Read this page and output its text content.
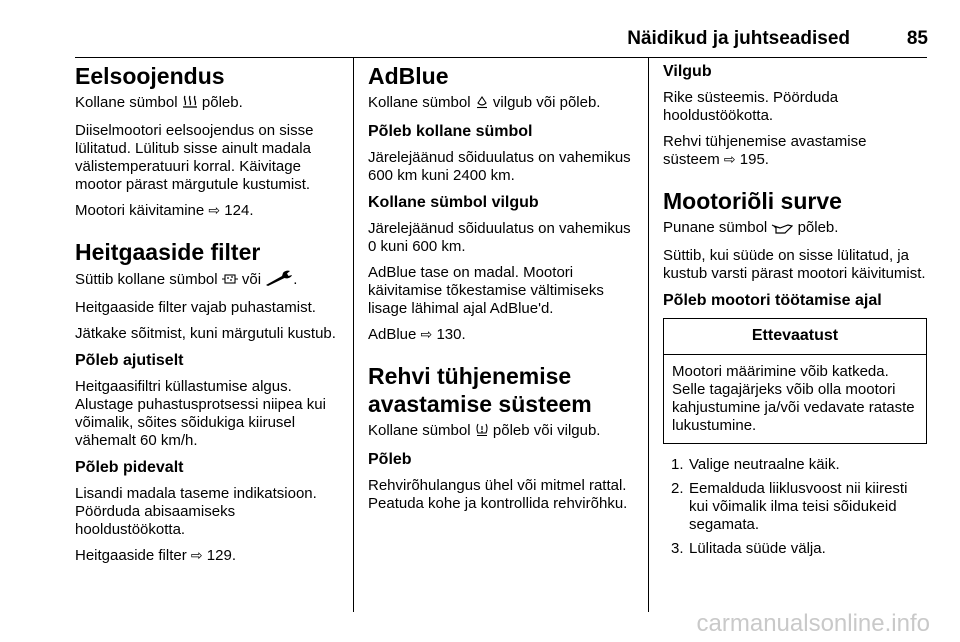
Näidikud ja juhtseadised	85
Eelsoojendus
Kollane sümbol  põleb.
Diiselmootori eelsoojendus on sisse lülitatud. Lülitub sisse ainult madala välistemperatuuri korral. Käivitage mootor pärast märgutule kustumist.
Mootori käivitamine ⇨ 124.
Heitgaaside filter
Süttib kollane sümbol  või .
Heitgaaside filter vajab puhastamist.
Jätkake sõitmist, kuni märgutuli kustub.
Põleb ajutiselt
Heitgaasifiltri küllastumise algus. Alustage puhastusprotsessi niipea kui võimalik, sõites sõidukiga kiirusel vähemalt 60 km/h.
Põleb pidevalt
Lisandi madala taseme indikatsioon. Pöörduda abisaamiseks hooldustöökotta.
Heitgaaside filter ⇨ 129.
AdBlue
Kollane sümbol  vilgub või põleb.
Põleb kollane sümbol
Järelejäänud sõiduulatus on vahemikus 600 km kuni 2400 km.
Kollane sümbol vilgub
Järelejäänud sõiduulatus on vahemikus 0 kuni 600 km.
AdBlue tase on madal. Mootori käivitamise tõkestamise vältimiseks lisage lähimal ajal AdBlue'd.
AdBlue ⇨ 130.
Rehvi tühjenemise avastamise süsteem
Kollane sümbol  põleb või vilgub.
Põleb
Rehvirõhulangus ühel või mitmel rattal. Peatuda kohe ja kontrollida rehvirõhku.
Vilgub
Rike süsteemis. Pöörduda hooldustöökotta.
Rehvi tühjenemise avastamise süsteem ⇨ 195.
Mootoriõli surve
Punane sümbol  põleb.
Süttib, kui süüde on sisse lülitatud, ja kustub varsti pärast mootori käivitumist.
Põleb mootori töötamise ajal
Ettevaatust
Mootori määrimine võib katkeda. Selle tagajärjeks võib olla mootori kahjustumine ja/või vedavate rataste lukustumine.
1. Valige neutraalne käik.
2. Eemalduda liiklusvoost nii kiiresti kui võimalik ilma teisi sõidukeid segamata.
3. Lülitada süüde välja.
carmanualsonline.info
